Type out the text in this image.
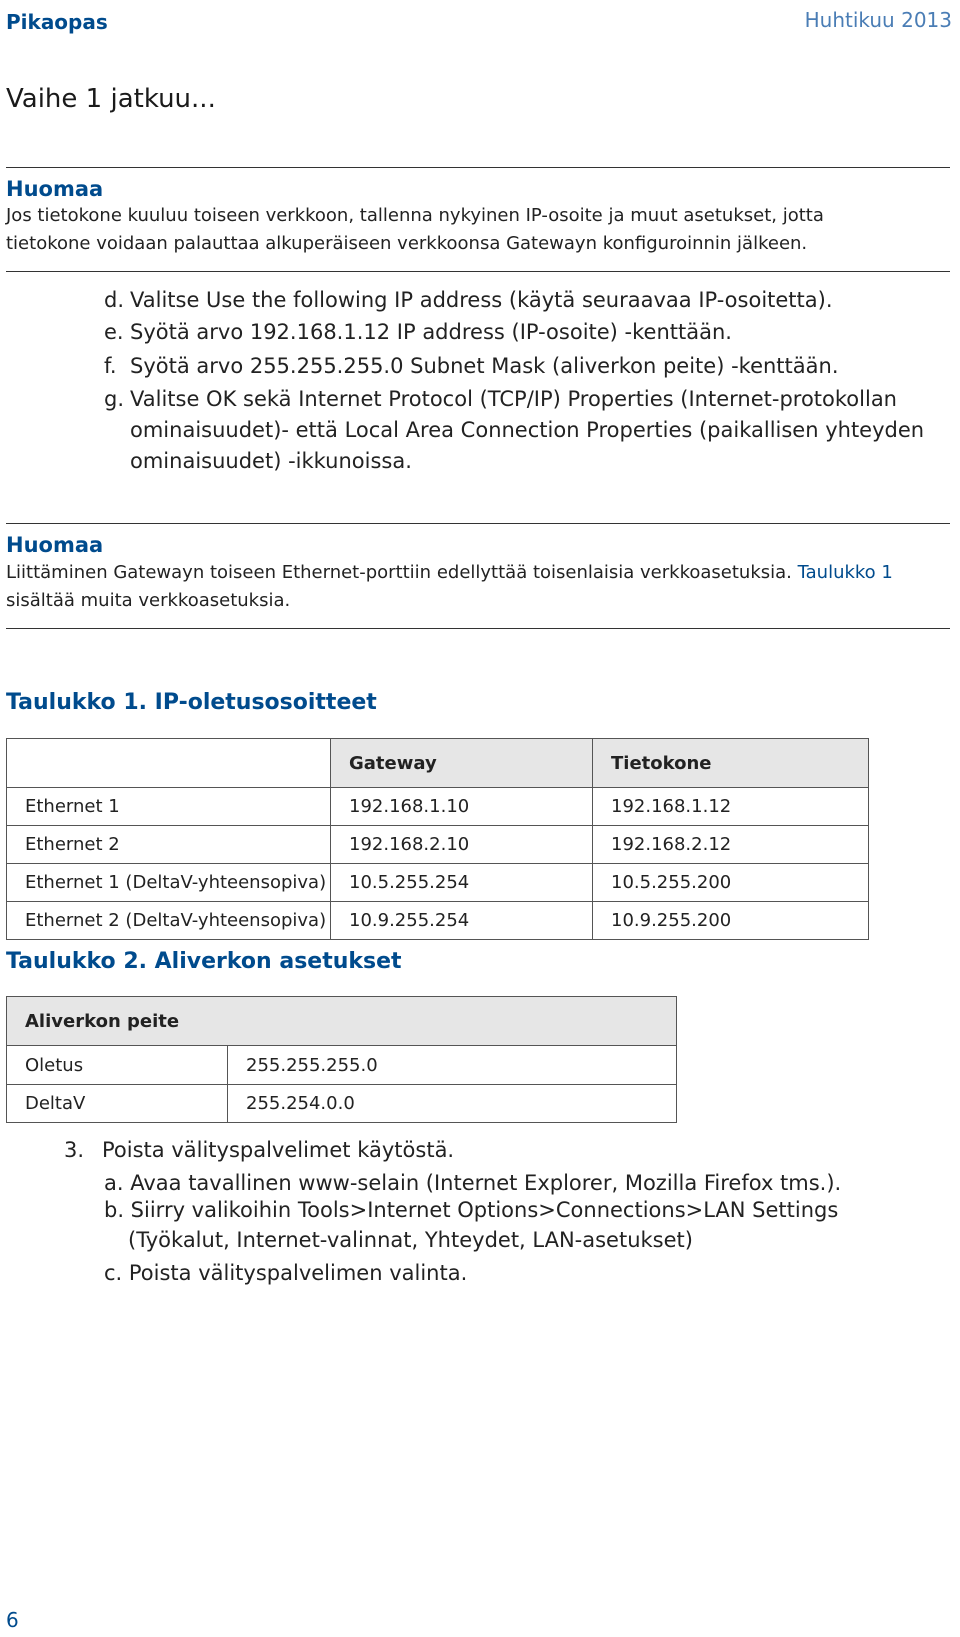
Pikaopas	Huhtikuu 2013
Vaihe 1 jatkuu...
Huomaa
Jos tietokone kuuluu toiseen verkkoon, tallenna nykyinen IP-osoite ja muut asetukset, jotta
tietokone voidaan palauttaa alkuperäiseen verkkoonsa Gatewayn konfiguroinnin jälkeen.
d. Valitse Use the following IP address (käytä seuraavaa IP-osoitetta).
e. Syötä arvo 192.168.1.12 IP address (IP-osoite) -kenttään.
f. Syötä arvo 255.255.255.0 Subnet Mask (aliverkon peite) -kenttään.
g. Valitse OK sekä Internet Protocol (TCP/IP) Properties (Internet-protokollan
ominaisuudet)- että Local Area Connection Properties (paikallisen yhteyden
ominaisuudet) -ikkunoissa.
Huomaa
Liittäminen Gatewayn toiseen Ethernet-porttiin edellyttää toisenlaisia verkkoasetuksia. Taulukko 1
sisältää muita verkkoasetuksia.
Taulukko 1. IP-oletusosoitteet
	Gateway	Tietokone
Ethernet 1	192.168.1.10	192.168.1.12
Ethernet 2	192.168.2.10	192.168.2.12
Ethernet 1 (DeltaV-yhteensopiva)	10.5.255.254	10.5.255.200
Ethernet 2 (DeltaV-yhteensopiva)	10.9.255.254	10.9.255.200
Taulukko 2. Aliverkon asetukset
Aliverkon peite	
Oletus	255.255.255.0
DeltaV	255.254.0.0
3. Poista välityspalvelimet käytöstä.
a. Avaa tavallinen www-selain (Internet Explorer, Mozilla Firefox tms.).
b. Siirry valikoihin Tools>Internet Options>Connections>LAN Settings
(Työkalut, Internet-valinnat, Yhteydet, LAN-asetukset)
c. Poista välityspalvelimen valinta.
6
